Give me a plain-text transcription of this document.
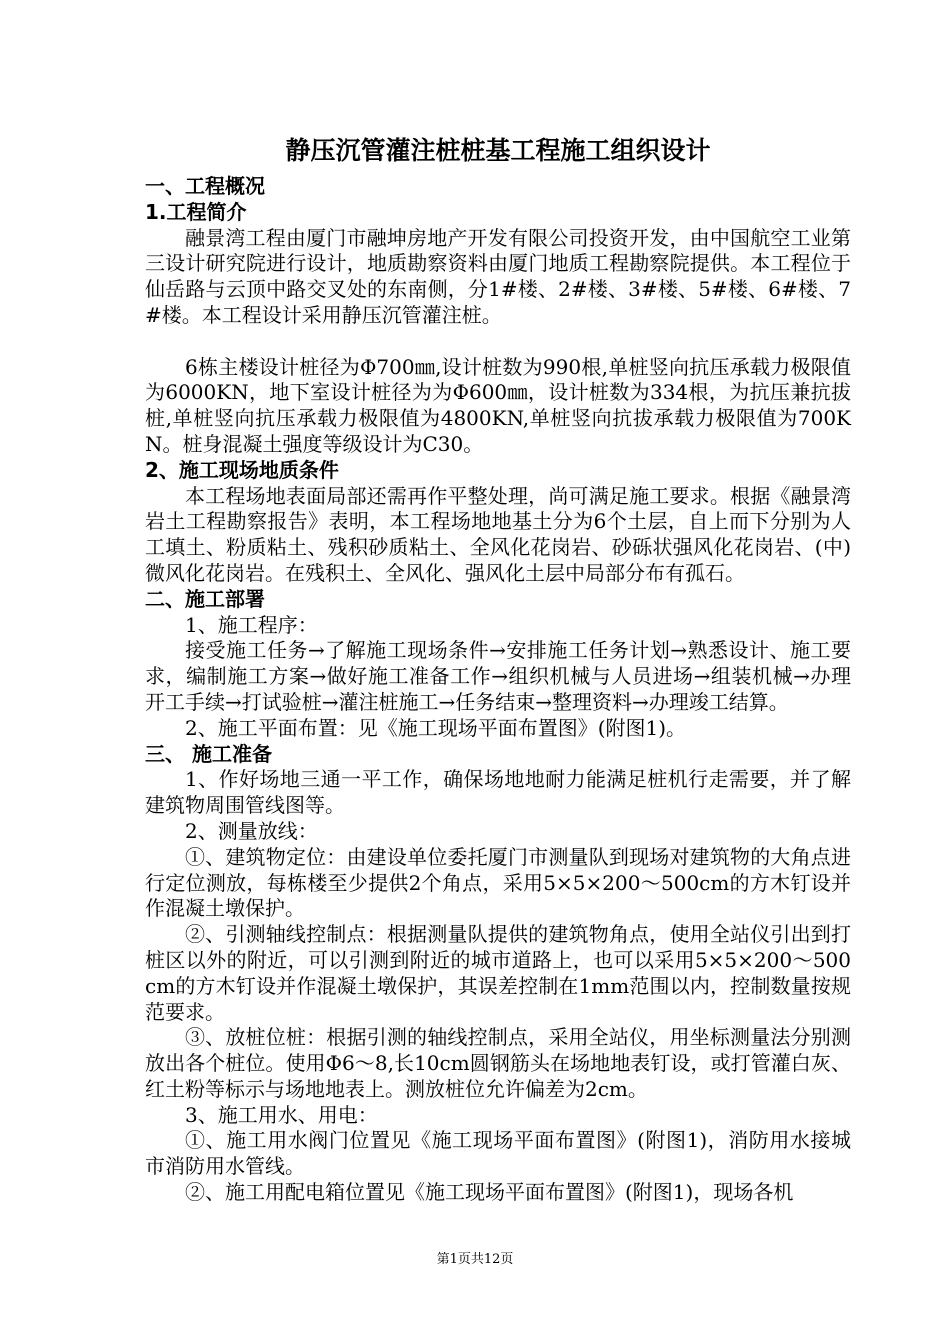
静压沉管灌注桩桩基工程施工组织设计
一、工程概况
1.工程简介
融景湾工程由厦门市融坤房地产开发有限公司投资开发，由中国航空工业第三设计研究院进行设计，地质勘察资料由厦门地质工程勘察院提供。本工程位于仙岳路与云顶中路交叉处的东南侧，分1#楼、2#楼、3#楼、5#楼、6#楼、7#楼。本工程设计采用静压沉管灌注桩。
6栋主楼设计桩径为Φ700㎜,设计桩数为990根,单桩竖向抗压承载力极限值为6000KN，地下室设计桩径为为Φ600㎜，设计桩数为334根，为抗压兼抗拔桩,单桩竖向抗压承载力极限值为4800KN,单桩竖向抗拔承载力极限值为700KN。桩身混凝土强度等级设计为C30。
2、施工现场地质条件
本工程场地表面局部还需再作平整处理，尚可满足施工要求。根据《融景湾岩土工程勘察报告》表明，本工程场地地基土分为6个土层，自上而下分别为人工填土、粉质粘土、残积砂质粘土、全风化花岗岩、砂砾状强风化花岗岩、(中)微风化花岗岩。在残积土、全风化、强风化土层中局部分布有孤石。
二、施工部署
1、施工程序：
接受施工任务→了解施工现场条件→安排施工任务计划→熟悉设计、施工要求，编制施工方案→做好施工准备工作→组织机械与人员进场→组装机械→办理开工手续→打试验桩→灌注桩施工→任务结束→整理资料→办理竣工结算。
2、施工平面布置：见《施工现场平面布置图》(附图1)。
三、 施工准备
1、作好场地三通一平工作，确保场地地耐力能满足桩机行走需要，并了解建筑物周围管线图等。
2、测量放线：
①、建筑物定位：由建设单位委托厦门市测量队到现场对建筑物的大角点进行定位测放，每栋楼至少提供2个角点，采用5×5×200～500cm的方木钉设并作混凝土墩保护。
②、引测轴线控制点：根据测量队提供的建筑物角点，使用全站仪引出到打桩区以外的附近，可以引测到附近的城市道路上，也可以采用5×5×200～500cm的方木钉设并作混凝土墩保护，其误差控制在1mm范围以内，控制数量按规范要求。
③、放桩位桩：根据引测的轴线控制点，采用全站仪，用坐标测量法分别测放出各个桩位。使用Φ6～8,长10cm圆钢筋头在场地地表钉设，或打管灌白灰、红土粉等标示与场地地表上。测放桩位允许偏差为2cm。
3、施工用水、用电：
①、施工用水阀门位置见《施工现场平面布置图》(附图1)，消防用水接城市消防用水管线。
②、施工用配电箱位置见《施工现场平面布置图》(附图1)，现场各机
第1页共12页
